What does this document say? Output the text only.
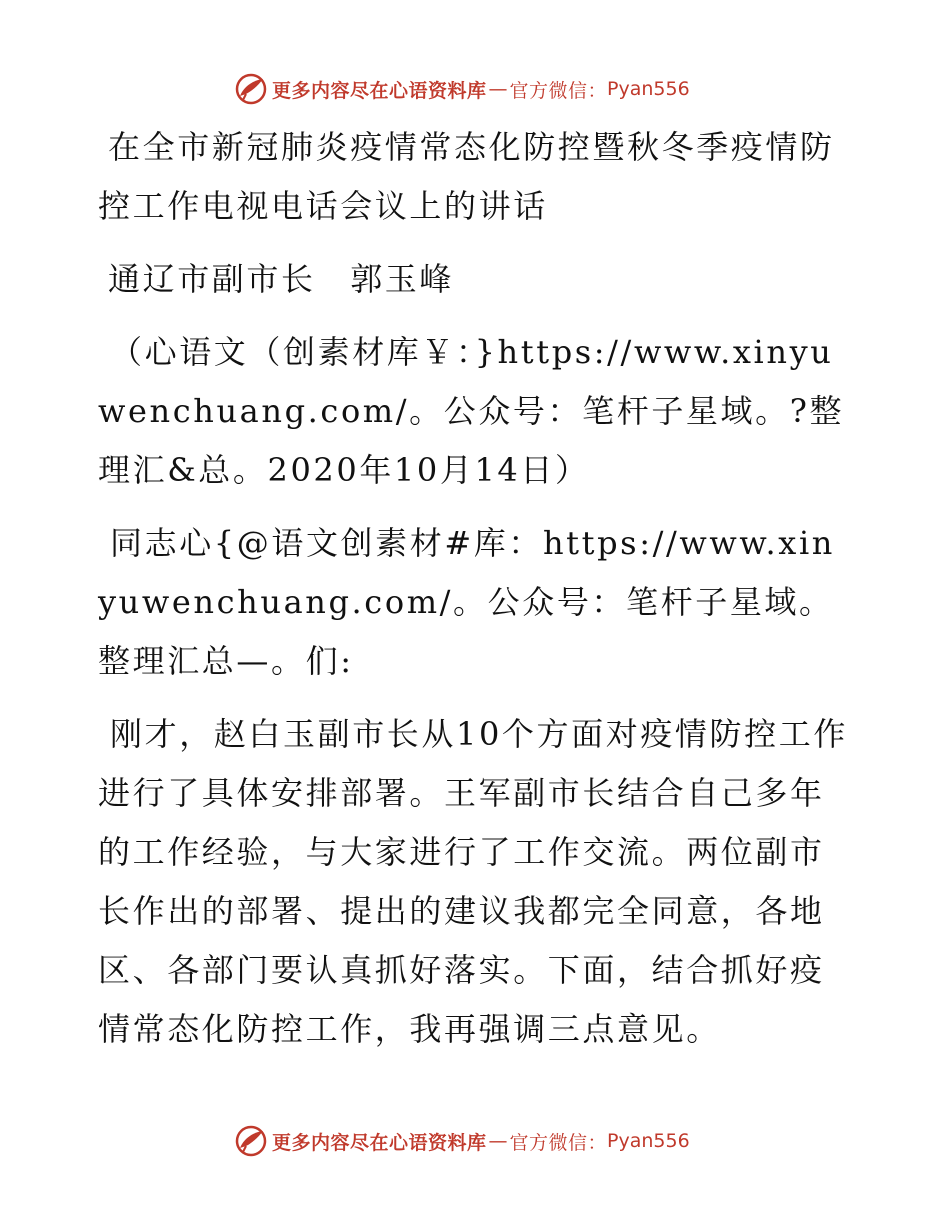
更多内容尽在心语资料库 — 官方微信： Pyan556

在全市新冠肺炎疫情常态化防控暨秋冬季疫情防控工作电视电话会议上的讲话

通辽市副市长　郭玉峰

（心语文（创素材库￥：}https://www.xinyuwenchuang.com/。公众号：笔杆子星域。?整理汇&总。2020年10月14日）

同志心{@语文创素材#库：https://www.xinyuwenchuang.com/。公众号：笔杆子星域。整理汇总—。们:

刚才，赵白玉副市长从10个方面对疫情防控工作进行了具体安排部署。王军副市长结合自己多年的工作经验，与大家进行了工作交流。两位副市长作出的部署、提出的建议我都完全同意，各地区、各部门要认真抓好落实。下面，结合抓好疫情常态化防控工作，我再强调三点意见。

更多内容尽在心语资料库 — 官方微信： Pyan556
